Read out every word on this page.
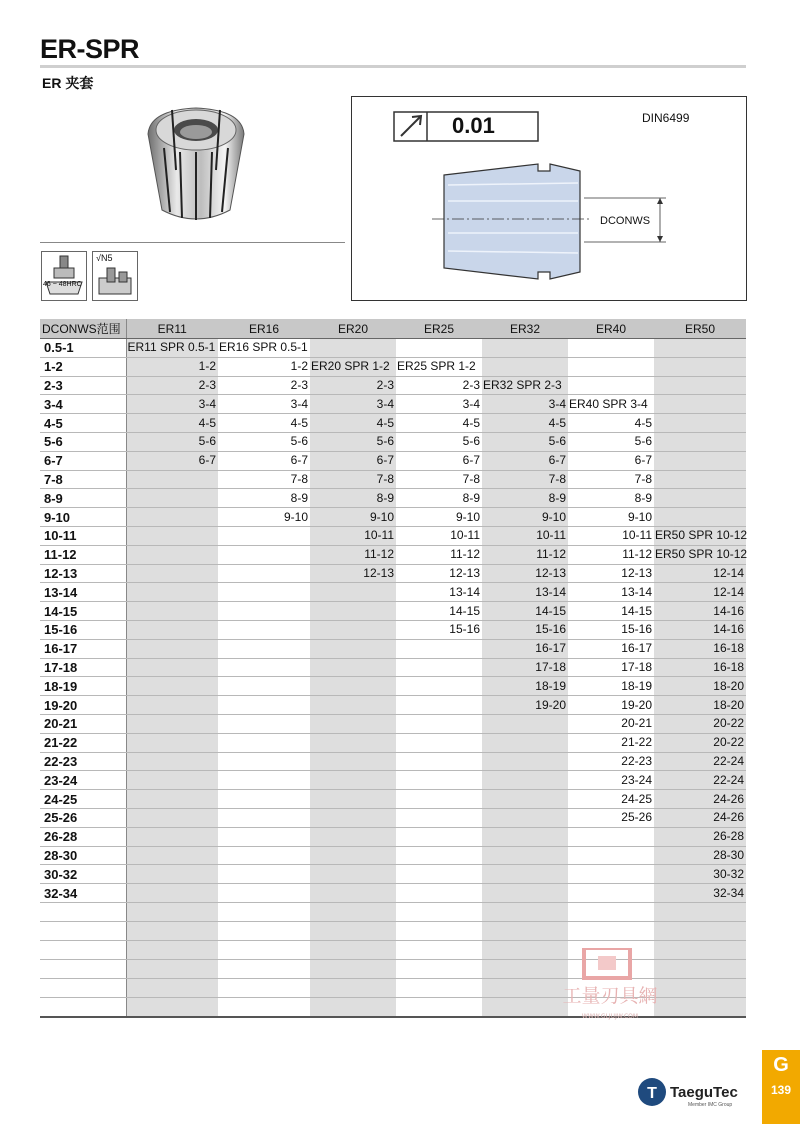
ER-SPR
ER 夹套
46 ~ 48HRC
√N5
0.01	DIN6499
DCONWS
DCONWS范围	ER11	ER16	ER20	ER25	ER32	ER40	ER50
0.5-1	ER11 SPR 0.5-1	ER16 SPR 0.5-1					
1-2	1-2	1-2	ER20 SPR 1-2	ER25 SPR 1-2			
2-3	2-3	2-3	2-3	2-3	ER32 SPR 2-3		
3-4	3-4	3-4	3-4	3-4	3-4	ER40 SPR 3-4	
4-5	4-5	4-5	4-5	4-5	4-5	4-5	
5-6	5-6	5-6	5-6	5-6	5-6	5-6	
6-7	6-7	6-7	6-7	6-7	6-7	6-7	
7-8		7-8	7-8	7-8	7-8	7-8	
8-9		8-9	8-9	8-9	8-9	8-9	
9-10		9-10	9-10	9-10	9-10	9-10	
10-11			10-11	10-11	10-11	10-11	ER50 SPR 10-12
11-12			11-12	11-12	11-12	11-12	ER50 SPR 10-12
12-13			12-13	12-13	12-13	12-13	12-14
13-14				13-14	13-14	13-14	12-14
14-15				14-15	14-15	14-15	14-16
15-16				15-16	15-16	15-16	14-16
16-17					16-17	16-17	16-18
17-18					17-18	17-18	16-18
18-19					18-19	18-19	18-20
19-20					19-20	19-20	18-20
20-21						20-21	20-22
21-22						21-22	20-22
22-23						22-23	22-24
23-24						23-24	22-24
24-25						24-25	24-26
25-26						25-26	24-26
26-28							26-28
28-30							28-30
30-32							30-32
32-34							32-34

工量刃具網
WWW.GLJUJW.COM
T TaeguTec
Member IMC Group
G
139
